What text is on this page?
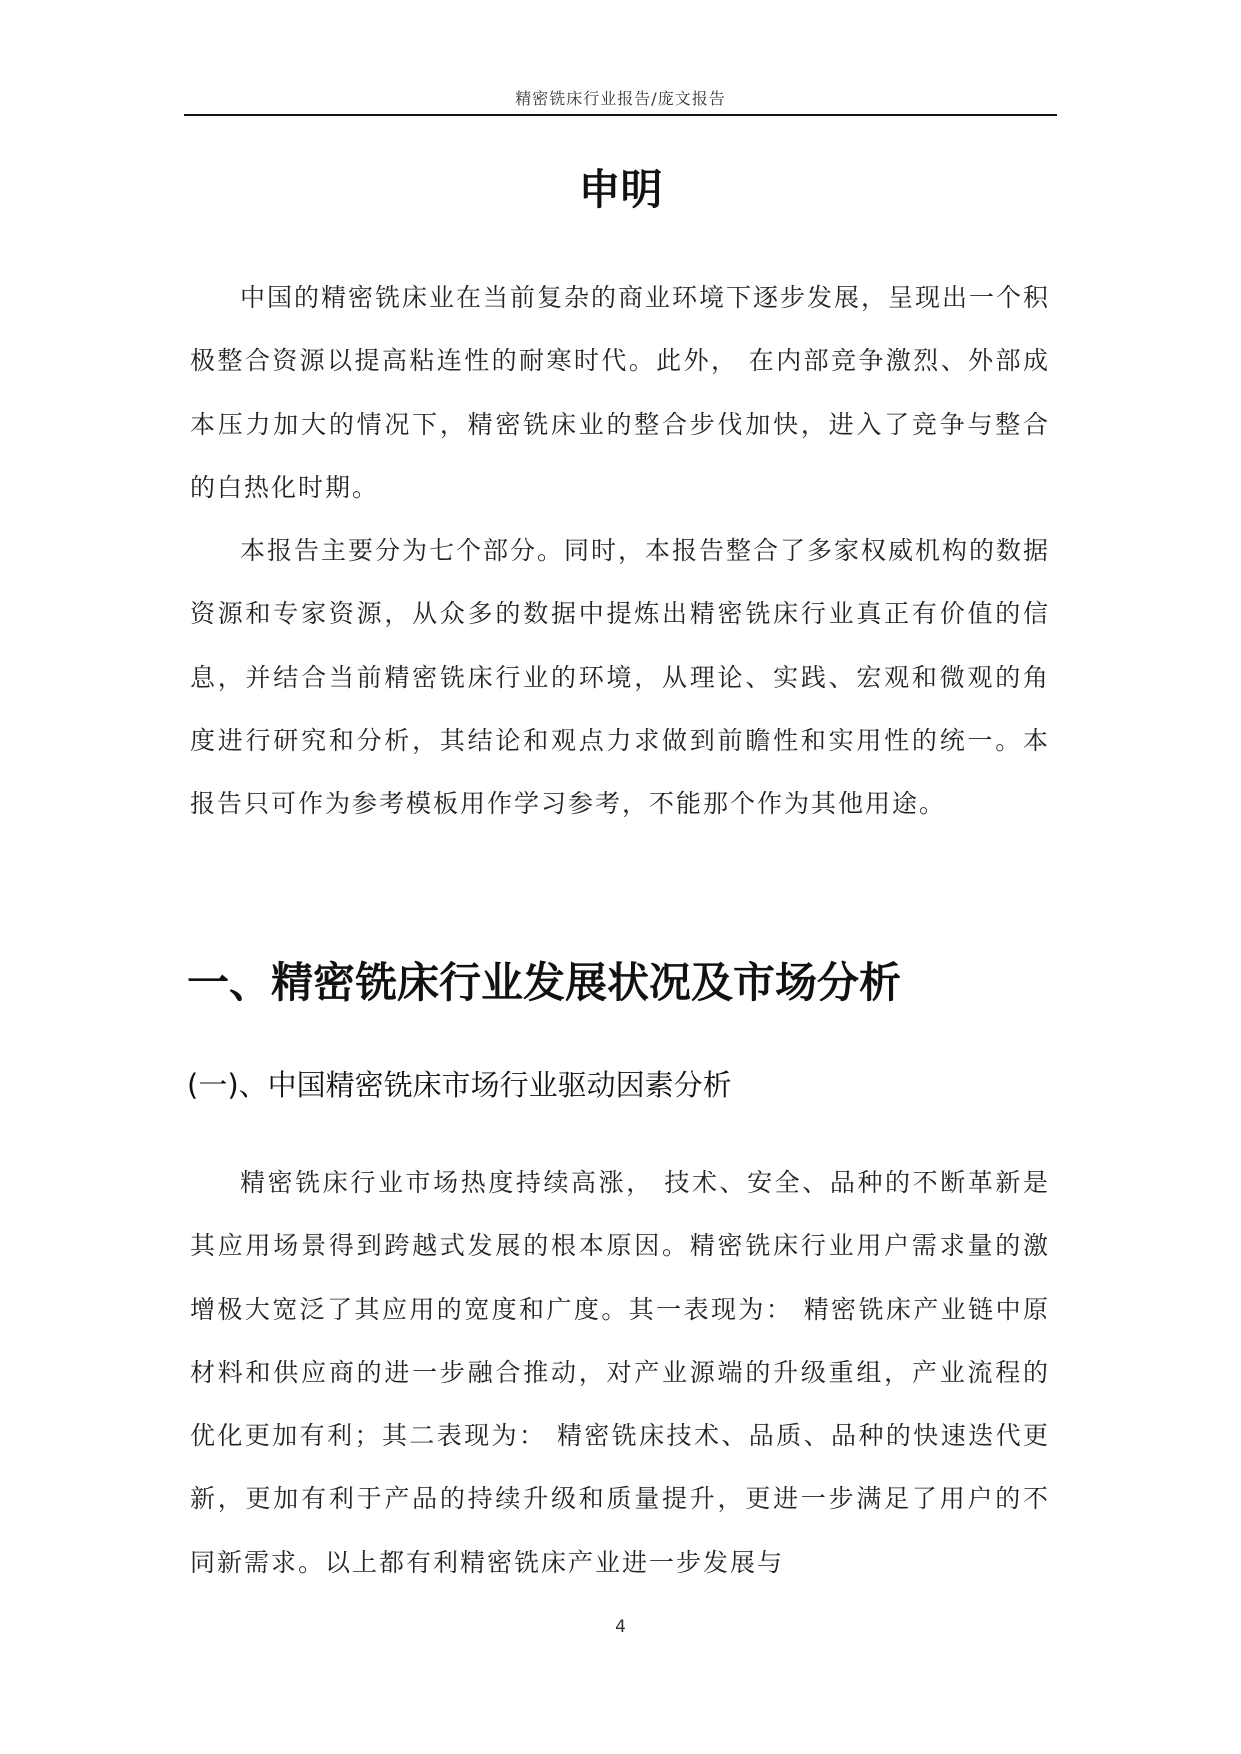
精密铣床行业报告/庞文报告
申明

中国的精密铣床业在当前复杂的商业环境下逐步发展，呈现出一个积极整合资源以提高粘连性的耐寒时代。此外， 在内部竞争激烈、外部成本压力加大的情况下，精密铣床业的整合步伐加快，进入了竞争与整合的白热化时期。

本报告主要分为七个部分。同时，本报告整合了多家权威机构的数据资源和专家资源，从众多的数据中提炼出精密铣床行业真正有价值的信息，并结合当前精密铣床行业的环境，从理论、实践、宏观和微观的角度进行研究和分析，其结论和观点力求做到前瞻性和实用性的统一。本报告只可作为参考模板用作学习参考，不能那个作为其他用途。

一、精密铣床行业发展状况及市场分析
(一)、中国精密铣床市场行业驱动因素分析

精密铣床行业市场热度持续高涨， 技术、安全、品种的不断革新是其应用场景得到跨越式发展的根本原因。精密铣床行业用户需求量的激增极大宽泛了其应用的宽度和广度。其一表现为： 精密铣床产业链中原材料和供应商的进一步融合推动，对产业源端的升级重组，产业流程的优化更加有利；其二表现为： 精密铣床技术、品质、品种的快速迭代更新，更加有利于产品的持续升级和质量提升，更进一步满足了用户的不同新需求。以上都有利精密铣床产业进一步发展与

4
